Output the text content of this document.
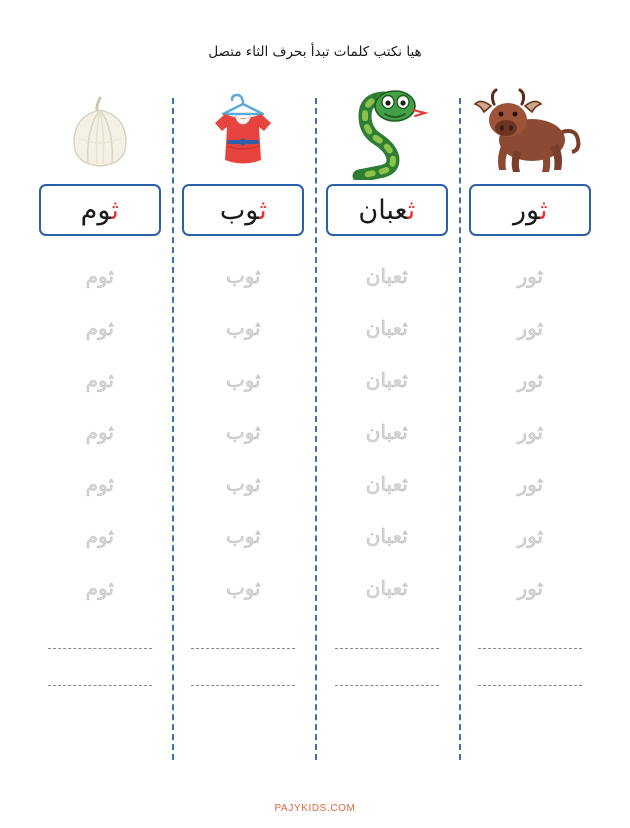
هيا نكتب كلمات تبدأ بحرف الثاء متصل
ثور
ثور
ثور
ثور
ثور
ثور
ثور
ثور
ثعبان
ثعبان
ثعبان
ثعبان
ثعبان
ثعبان
ثعبان
ثعبان
ثوب
ثوب
ثوب
ثوب
ثوب
ثوب
ثوب
ثوب
ثوم
ثوم
ثوم
ثوم
ثوم
ثوم
ثوم
ثوم
PAJYKIDS.COM
